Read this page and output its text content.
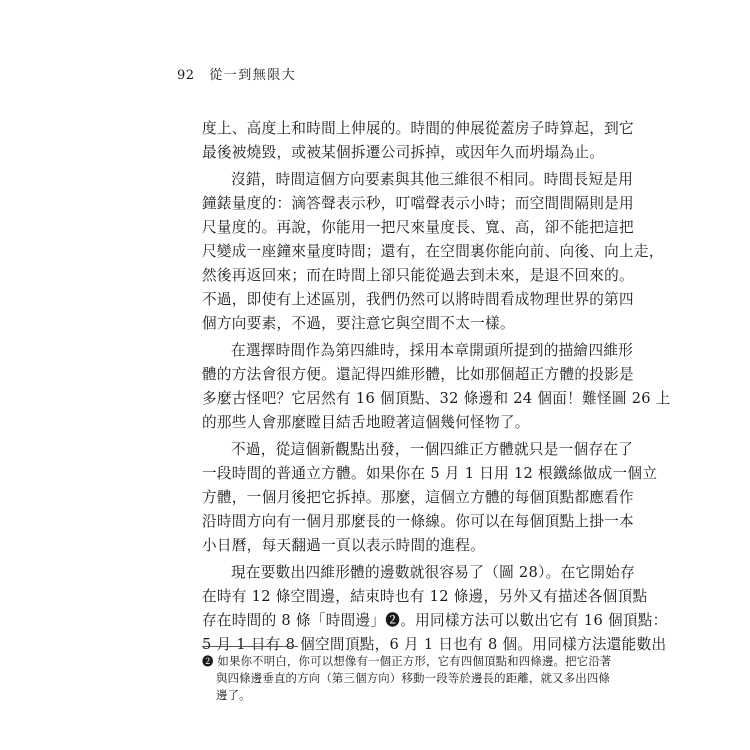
92 從一到無限大
度上、高度上和時間上伸展的。時間的伸展從蓋房子時算起，到它
最後被燒毀，或被某個拆遷公司拆掉，或因年久而坍塌為止。
沒錯，時間這個方向要素與其他三維很不相同。時間長短是用
鐘錶量度的：滴答聲表示秒，叮噹聲表示小時；而空間間隔則是用
尺量度的。再說，你能用一把尺來量度長、寬、高，卻不能把這把
尺變成一座鐘來量度時間；還有，在空間裏你能向前、向後、向上走，
然後再返回來；而在時間上卻只能從過去到未來，是退不回來的。
不過，即使有上述區別，我們仍然可以將時間看成物理世界的第四
個方向要素，不過，要注意它與空間不太一樣。
在選擇時間作為第四維時，採用本章開頭所提到的描繪四維形
體的方法會很方便。還記得四維形體，比如那個超正方體的投影是
多麼古怪吧？它居然有 16 個頂點、32 條邊和 24 個面！難怪圖 26 上
的那些人會那麼瞠目結舌地瞪著這個幾何怪物了。
不過，從這個新觀點出發，一個四維正方體就只是一個存在了
一段時間的普通立方體。如果你在 5 月 1 日用 12 根鐵絲做成一個立
方體，一個月後把它拆掉。那麼，這個立方體的每個頂點都應看作
沿時間方向有一個月那麼長的一條線。你可以在每個頂點上掛一本
小日曆，每天翻過一頁以表示時間的進程。
現在要數出四維形體的邊數就很容易了（圖 28）。在它開始存
在時有 12 條空間邊，結束時也有 12 條邊，另外又有描述各個頂點
存在時間的 8 條「時間邊」❷。用同樣方法可以數出它有 16 個頂點：
5 月 1 日有 8 個空間頂點，6 月 1 日也有 8 個。用同樣方法還能數出
❷ 如果你不明白，你可以想像有一個正方形，它有四個頂點和四條邊。把它沿著
與四條邊垂直的方向（第三個方向）移動一段等於邊長的距離，就又多出四條
邊了。
